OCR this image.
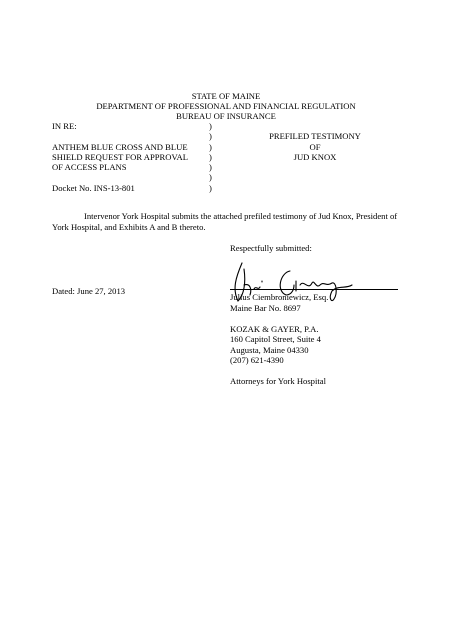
STATE OF MAINE
DEPARTMENT OF PROFESSIONAL AND FINANCIAL REGULATION
BUREAU OF INSURANCE
IN RE:
ANTHEM BLUE CROSS AND BLUE
SHIELD REQUEST FOR APPROVAL
OF ACCESS PLANS
Docket No. INS-13-801
)
)
)
)
)
)
)
PREFILED TESTIMONY
OF
JUD KNOX
Intervenor York Hospital submits the attached prefiled testimony of Jud Knox, President of York Hospital, and Exhibits A and B thereto.
Respectfully submitted:
Dated: June 27, 2013
Julius Ciembroniewicz, Esq.
Maine Bar No. 8697
KOZAK & GAYER, P.A.
160 Capitol Street, Suite 4
Augusta, Maine 04330
(207) 621-4390
Attorneys for York Hospital
